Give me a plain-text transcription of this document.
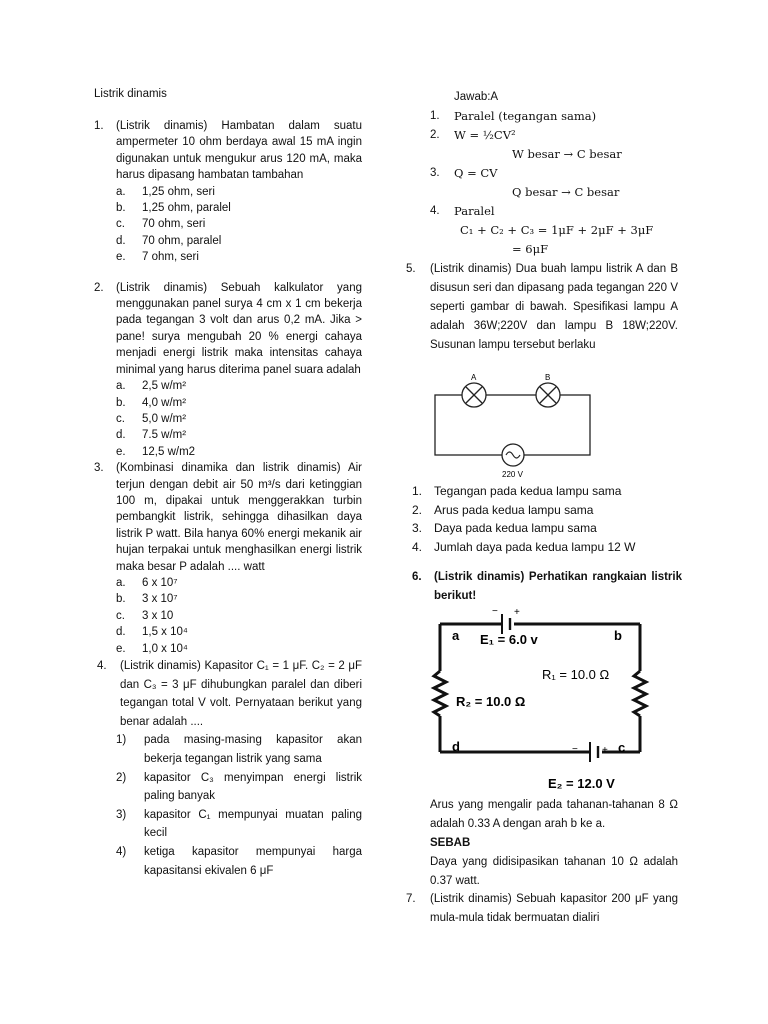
Listrik dinamis
1. (Listrik dinamis) Hambatan dalam suatu ampermeter 10 ohm berdaya awal 15 mA ingin digunakan untuk mengukur arus 120 mA, maka harus dipasang hambatan tambahan
a.	1,25 ohm, seri
b.	1,25 ohm, paralel
c.	70 ohm, seri
d.	70 ohm, paralel
e.	7 ohm, seri
2. (Listrik dinamis) Sebuah kalkulator yang menggunakan panel surya 4 cm x 1 cm bekerja pada tegangan 3 volt dan arus 0,2 mA. Jika > pane! surya mengubah 20 % energi cahaya menjadi energi listrik maka intensitas cahaya minimal yang harus diterima panel suara adalah
a.	2,5 w/m²
b.	4,0 w/m²
c.	5,0 w/m²
d.	7.5 w/m²
e.	12,5 w/m2
3. (Kombinasi dinamika dan listrik dinamis) Air terjun dengan debit air 50 m³/s dari ketinggian 100 m, dipakai untuk menggerakkan turbin pembangkit listrik, sehingga dihasilkan daya listrik P watt. Bila hanya 60% energi mekanik air hujan terpakai untuk menghasilkan energi listrik maka besar P adalah .... watt
a.	6 x 10⁷
b.	3 x 10⁷
c.	3 x 10
d.	1,5 x 10⁴
e.	1,0 x 10⁴
4. (Listrik dinamis) Kapasitor C₁ = 1 μF. C₂ = 2 μF dan C₃ = 3 μF dihubungkan paralel dan diberi tegangan total V volt. Pernyataan berikut yang benar adalah ....
1)	pada masing-masing kapasitor akan bekerja tegangan listrik yang sama
2)	kapasitor C₃ menyimpan energi listrik paling banyak
3)	kapasitor C₁ mempunyai muatan paling kecil
4)	ketiga kapasitor mempunyai harga kapasitansi ekivalen 6 μF
Jawab:A
1.	Paralel (tegangan sama)
2.	W = ½CV²
W besar → C besar
3.	Q = CV
Q besar → C besar
4.	Paralel
C₁ + C₂ + C₃ = 1μF + 2μF + 3μF
= 6μF
5. (Listrik dinamis) Dua buah lampu listrik A dan B disusun seri dan dipasang pada tegangan 220 V seperti gambar di bawah. Spesifikasi lampu A adalah 36W;220V dan lampu B 18W;220V. Susunan lampu tersebut berlaku
A	B
220 V
1. Tegangan pada kedua lampu sama
2. Arus pada kedua lampu sama
3. Daya pada kedua lampu sama
4. Jumlah daya pada kedua lampu 12 W
6. (Listrik dinamis) Perhatikan rangkaian listrik berikut!
− +
− +
a	b
c
d
E₁ = 6.0 v
R₁ = 10.0 Ω
R₂ = 10.0 Ω
E₂ = 12.0 V
Arus yang mengalir pada tahanan-tahanan 8 Ω adalah 0.33 A dengan arah b ke a.
SEBAB
Daya yang didisipasikan tahanan 10 Ω adalah 0.37 watt.
7. (Listrik dinamis) Sebuah kapasitor 200 μF yang mula-mula tidak bermuatan dialiri
